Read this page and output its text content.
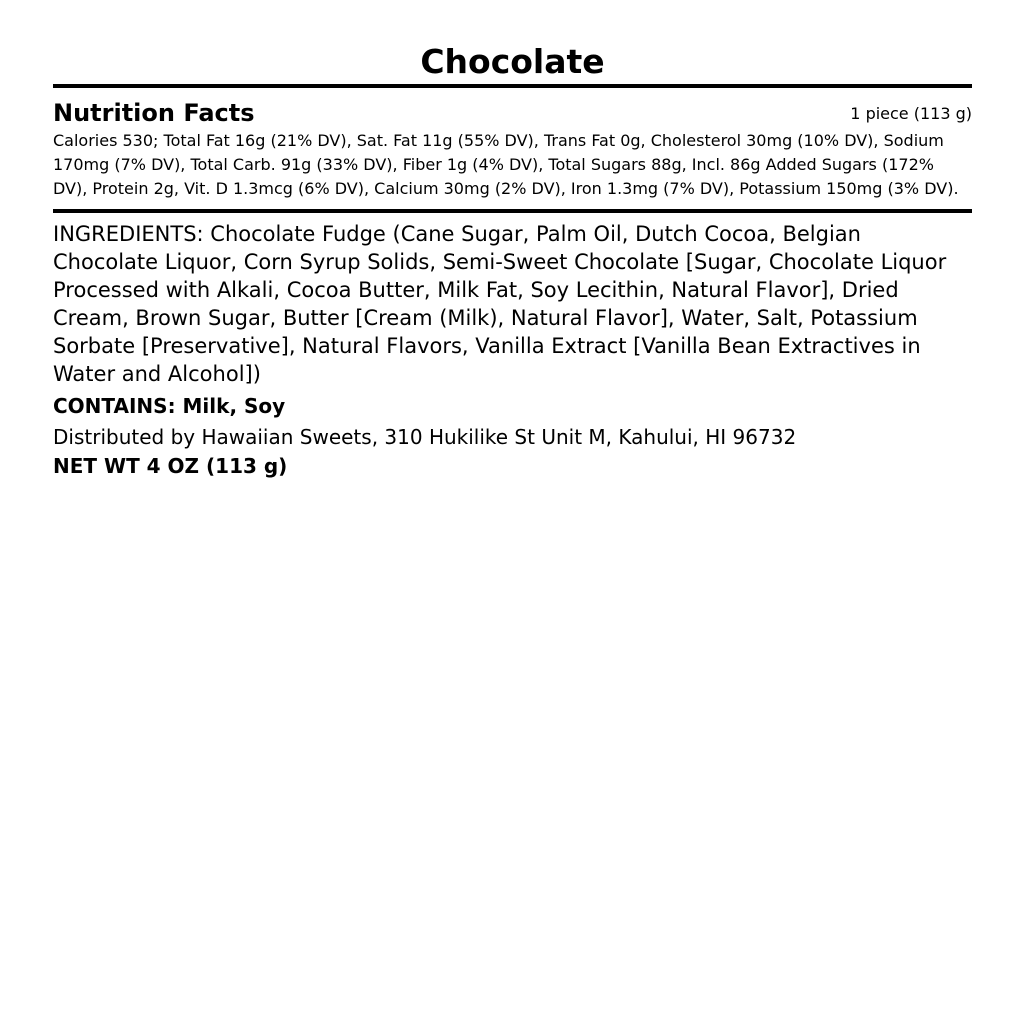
Chocolate
Nutrition Facts	1 piece (113 g)
Calories 530; Total Fat 16g (21% DV), Sat. Fat 11g (55% DV), Trans Fat 0g, Cholesterol 30mg (10% DV), Sodium 170mg (7% DV), Total Carb. 91g (33% DV), Fiber 1g (4% DV), Total Sugars 88g, Incl. 86g Added Sugars (172% DV), Protein 2g, Vit. D 1.3mcg (6% DV), Calcium 30mg (2% DV), Iron 1.3mg (7% DV), Potassium 150mg (3% DV).
INGREDIENTS: Chocolate Fudge (Cane Sugar, Palm Oil, Dutch Cocoa, Belgian Chocolate Liquor, Corn Syrup Solids, Semi-Sweet Chocolate [Sugar, Chocolate Liquor Processed with Alkali, Cocoa Butter, Milk Fat, Soy Lecithin, Natural Flavor], Dried Cream, Brown Sugar, Butter [Cream (Milk), Natural Flavor], Water, Salt, Potassium Sorbate [Preservative], Natural Flavors, Vanilla Extract [Vanilla Bean Extractives in Water and Alcohol])
CONTAINS: Milk, Soy
Distributed by Hawaiian Sweets, 310 Hukilike St Unit M, Kahului, HI 96732
NET WT 4 OZ (113 g)
